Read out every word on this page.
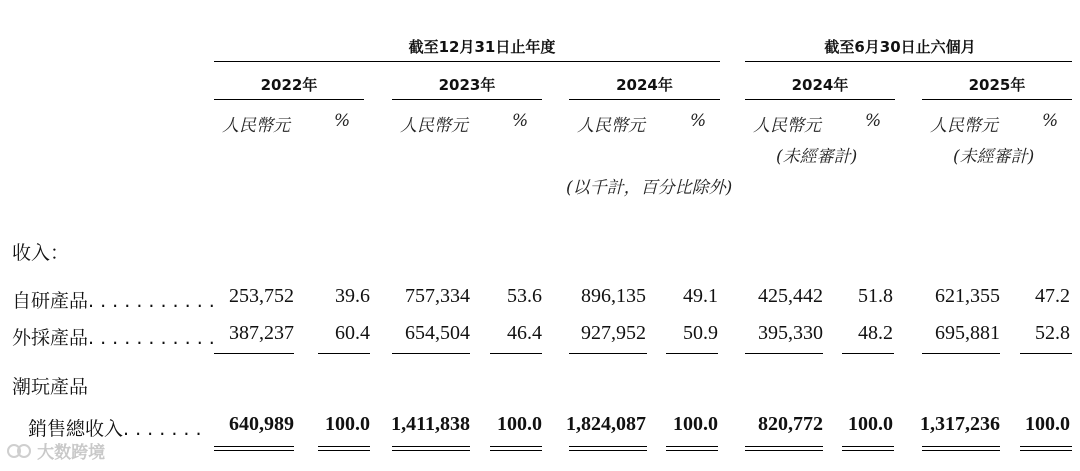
截至12月31日止年度	截至6月30日止六個月
2022年	2023年	2024年	2024年	2025年
人民幣元	%	人民幣元	%	人民幣元	%	人民幣元	%	人民幣元	%
(未經審計)	(未經審計)
(以千計，百分比除外)
收入：
自研產品. . . . . . . . . . . 253,752	39.6	757,334	53.6	896,135	49.1	425,442	51.8	621,355	47.2
外採產品. . . . . . . . . . . 387,237	60.4	654,504	46.4	927,952	50.9	395,330	48.2	695,881	52.8
潮玩產品
銷售總收入. . . . . . .	640,989	100.0	1,411,838	100.0	1,824,087	100.0	820,772	100.0	1,317,236	100.0
大数跨境
